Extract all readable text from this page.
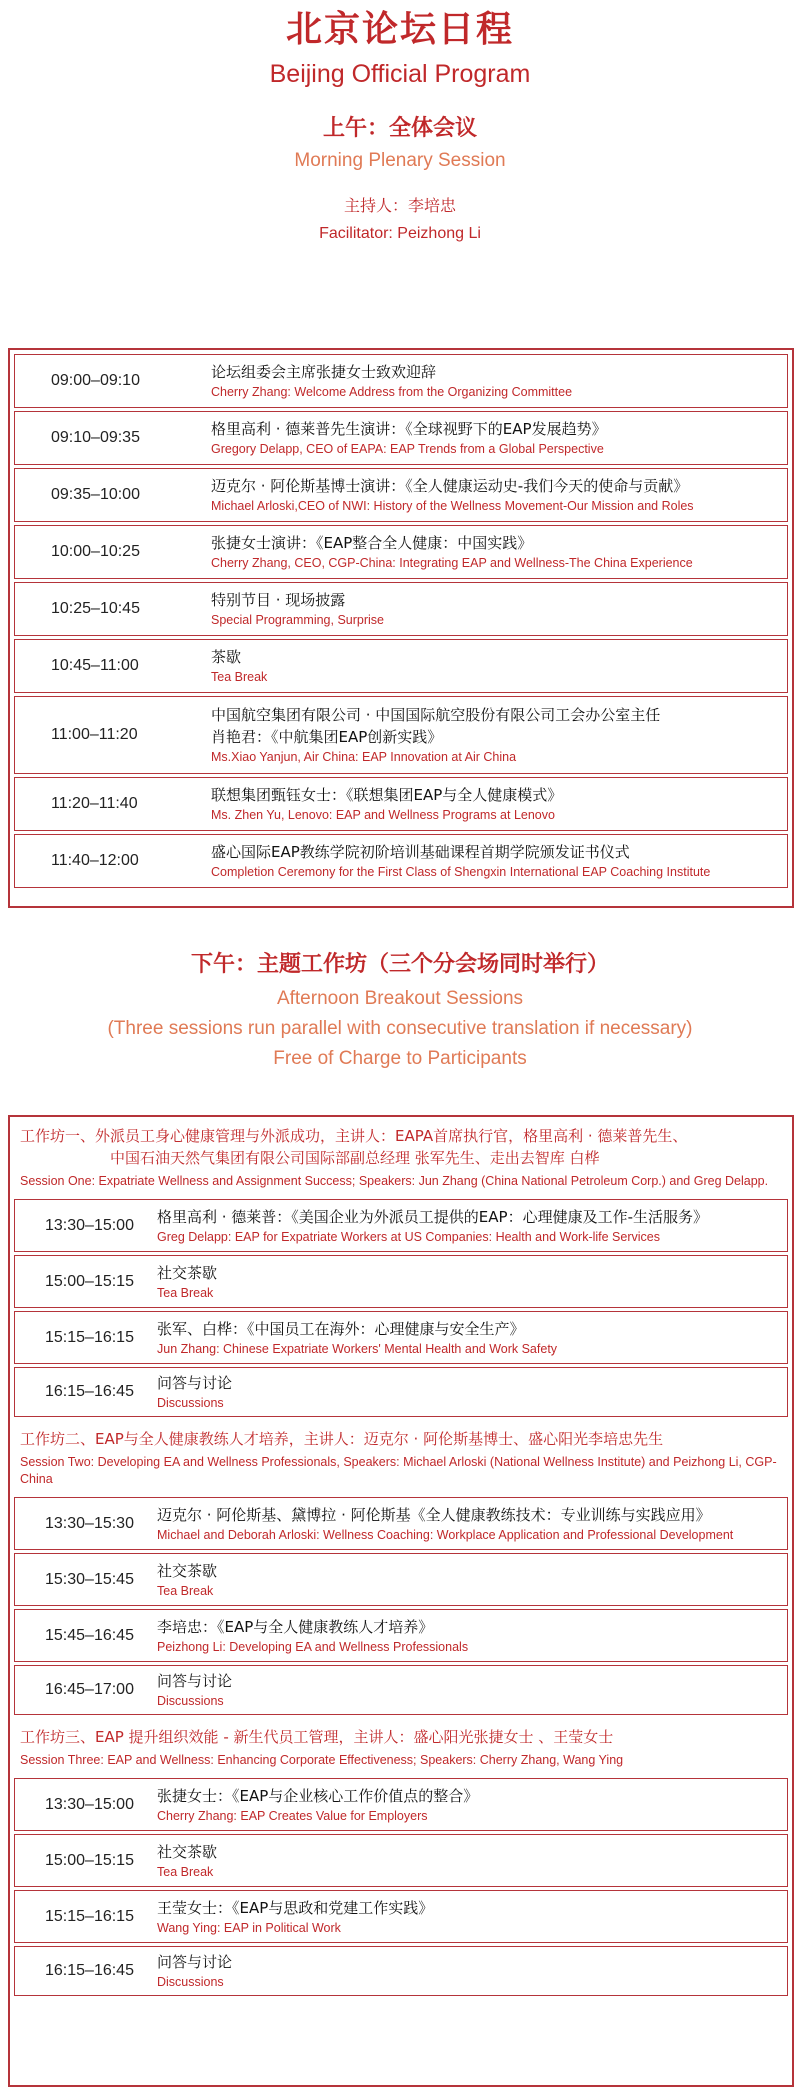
北京论坛日程
Beijing Official Program
上午：全体会议
Morning Plenary Session
主持人：李培忠
Facilitator: Peizhong Li
09:00–09:10	论坛组委会主席张捷女士致欢迎辞
Cherry Zhang: Welcome Address from the Organizing Committee
09:10–09:35	格里高利 · 德莱普先生演讲：《全球视野下的EAP发展趋势》
Gregory Delapp, CEO of EAPA: EAP Trends from a Global Perspective
09:35–10:00	迈克尔 · 阿伦斯基博士演讲：《全人健康运动史-我们今天的使命与贡献》
Michael Arloski,CEO of NWI: History of the Wellness Movement-Our Mission and Roles
10:00–10:25	张捷女士演讲：《EAP整合全人健康：中国实践》
Cherry Zhang, CEO, CGP-China: Integrating EAP and Wellness-The China Experience
10:25–10:45	特别节目 · 现场披露
Special Programming, Surprise
10:45–11:00	茶歇
Tea Break
11:00–11:20
中国航空集团有限公司 · 中国国际航空股份有限公司工会办公室主任
肖艳君：《中航集团EAP创新实践》
Ms.Xiao Yanjun, Air China: EAP Innovation at Air China
11:20–11:40	联想集团甄钰女士：《联想集团EAP与全人健康模式》
Ms. Zhen Yu, Lenovo: EAP and Wellness Programs at Lenovo
11:40–12:00	盛心国际EAP教练学院初阶培训基础课程首期学院颁发证书仪式
Completion Ceremony for the First Class of Shengxin International EAP Coaching Institute
下午：主题工作坊（三个分会场同时举行）
Afternoon Breakout Sessions
(Three sessions run parallel with consecutive translation if necessary)
Free of Charge to Participants
工作坊一、外派员工身心健康管理与外派成功，主讲人：EAPA首席执行官，格里高利 · 德莱普先生、
中国石油天然气集团有限公司国际部副总经理 张军先生、走出去智库 白桦
Session One: Expatriate Wellness and Assignment Success; Speakers: Jun Zhang (China National Petroleum Corp.) and Greg Delapp.
13:30–15:00	格里高利 · 德莱普：《美国企业为外派员工提供的EAP：心理健康及工作-生活服务》
Greg Delapp: EAP for Expatriate Workers at US Companies: Health and Work-life Services
15:00–15:15	社交茶歇
Tea Break
15:15–16:15	张军、白桦：《中国员工在海外：心理健康与安全生产》
Jun Zhang: Chinese Expatriate Workers' Mental Health and Work Safety
16:15–16:45	问答与讨论
Discussions
工作坊二、EAP与全人健康教练人才培养，主讲人：迈克尔 · 阿伦斯基博士、盛心阳光李培忠先生
Session Two: Developing EA and Wellness Professionals, Speakers: Michael Arloski (National Wellness Institute) and Peizhong Li, CGP-China
13:30–15:30	迈克尔 · 阿伦斯基、黛博拉 · 阿伦斯基《全人健康教练技术：专业训练与实践应用》
Michael and Deborah Arloski: Wellness Coaching: Workplace Application and Professional Development
15:30–15:45	社交茶歇
Tea Break
15:45–16:45	李培忠：《EAP与全人健康教练人才培养》
Peizhong Li: Developing EA and Wellness Professionals
16:45–17:00	问答与讨论
Discussions
工作坊三、EAP 提升组织效能 - 新生代员工管理，主讲人：盛心阳光张捷女士 、王莹女士
Session Three: EAP and Wellness: Enhancing Corporate Effectiveness; Speakers: Cherry Zhang, Wang Ying
13:30–15:00	张捷女士：《EAP与企业核心工作价值点的整合》
Cherry Zhang: EAP Creates Value for Employers
15:00–15:15	社交茶歇
Tea Break
15:15–16:15	王莹女士：《EAP与思政和党建工作实践》
Wang Ying: EAP in Political Work
16:15–16:45	问答与讨论
Discussions
